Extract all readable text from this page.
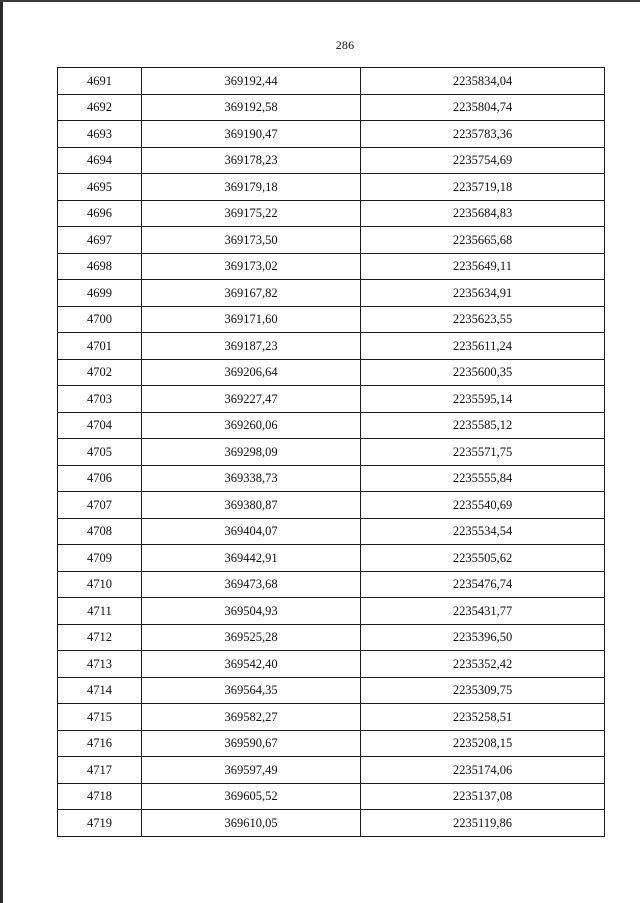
286
4691	369192,44	2235834,04
4692	369192,58	2235804,74
4693	369190,47	2235783,36
4694	369178,23	2235754,69
4695	369179,18	2235719,18
4696	369175,22	2235684,83
4697	369173,50	2235665,68
4698	369173,02	2235649,11
4699	369167,82	2235634,91
4700	369171,60	2235623,55
4701	369187,23	2235611,24
4702	369206,64	2235600,35
4703	369227,47	2235595,14
4704	369260,06	2235585,12
4705	369298,09	2235571,75
4706	369338,73	2235555,84
4707	369380,87	2235540,69
4708	369404,07	2235534,54
4709	369442,91	2235505,62
4710	369473,68	2235476,74
4711	369504,93	2235431,77
4712	369525,28	2235396,50
4713	369542,40	2235352,42
4714	369564,35	2235309,75
4715	369582,27	2235258,51
4716	369590,67	2235208,15
4717	369597,49	2235174,06
4718	369605,52	2235137,08
4719	369610,05	2235119,86
